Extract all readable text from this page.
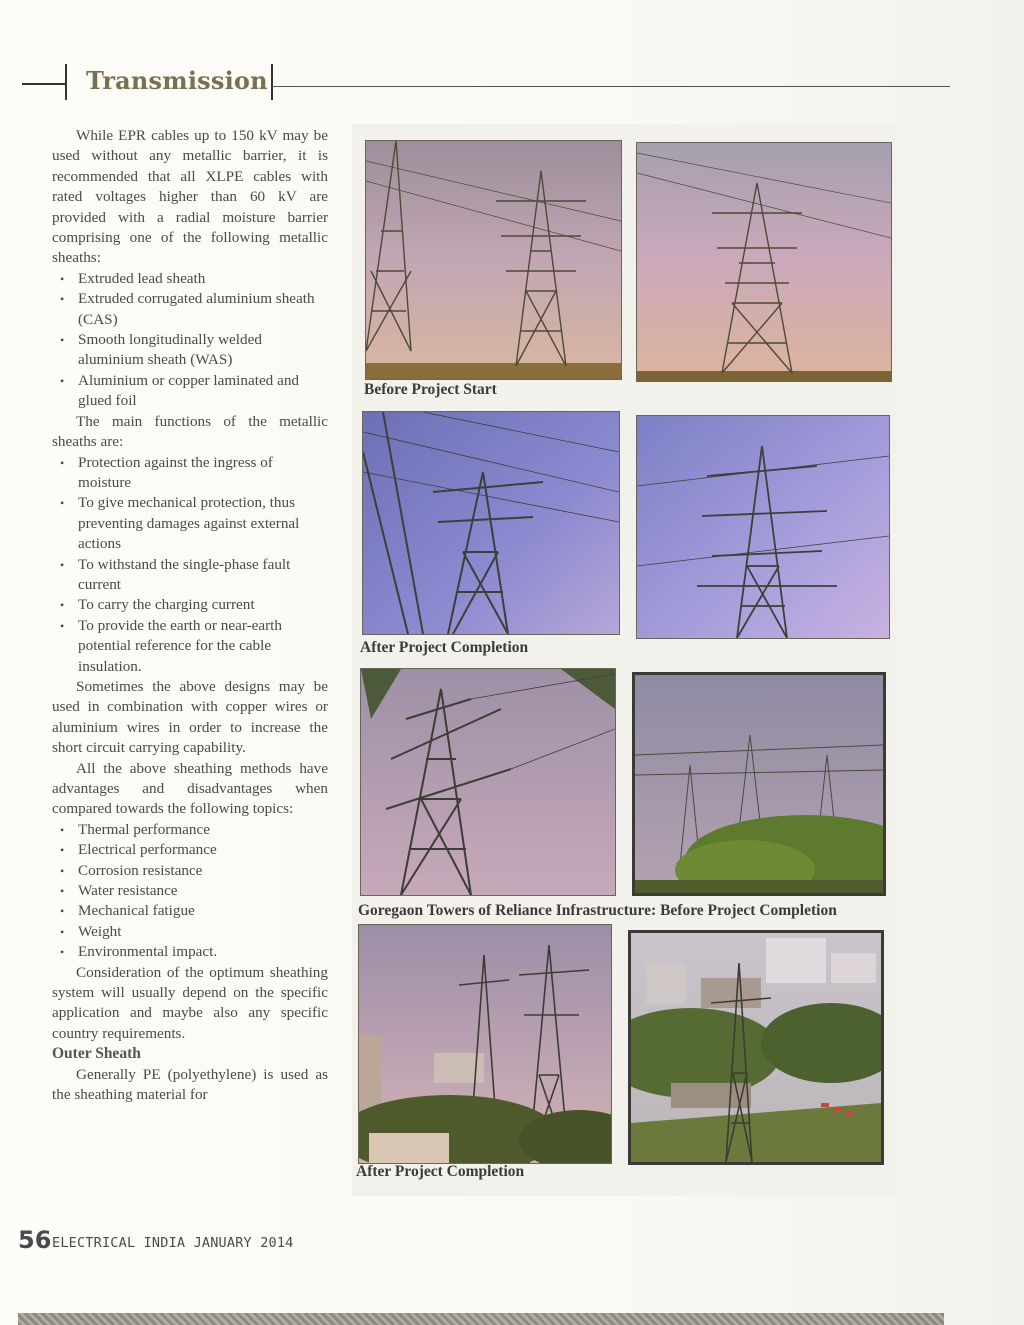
Transmission

While EPR cables up to 150 kV may be used without any metallic barrier, it is recommended that all XLPE cables with rated voltages higher than 60 kV are provided with a radial moisture barrier comprising one of the following metallic sheaths:

• Extruded lead sheath
• Extruded corrugated aluminium sheath (CAS)
• Smooth longitudinally welded aluminium sheath (WAS)
• Aluminium or copper laminated and glued foil

The main functions of the metallic sheaths are:

• Protection against the ingress of moisture
• To give mechanical protection, thus preventing damages against external actions
• To withstand the single-phase fault current
• To carry the charging current
• To provide the earth or near-earth potential reference for the cable insulation.

Sometimes the above designs may be used in combination with copper wires or aluminium wires in order to increase the short circuit carrying capability.

All the above sheathing methods have advantages and disadvantages when compared towards the following topics:

• Thermal performance
• Electrical performance
• Corrosion resistance
• Water resistance
• Mechanical fatigue
• Weight
• Environmental impact.

Consideration of the optimum sheathing system will usually depend on the specific application and maybe also any specific country requirements.

Outer Sheath

Generally PE (polyethylene) is used as the sheathing material for

Before Project Start
After Project Completion
Goregaon Towers of Reliance Infrastructure: Before Project Completion
After Project Completion
56 ELECTRICAL INDIA JANUARY 2014
